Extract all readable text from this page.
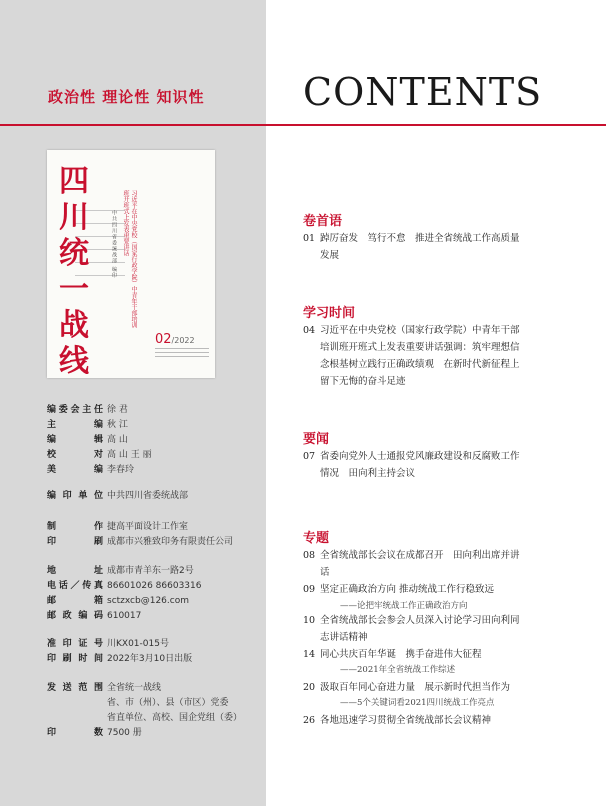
政治性 理论性 知识性
四川统一战线
中共四川省委统战部 编印	习近平在中央党校（国家行政学院）中青年干部培训班开班式上发表重要讲话
02/2022
编委会主任 徐 君
主编 秋 江
编辑 高 山
校对 高 山 王 丽
美编 李春玲
编印单位 中共四川省委统战部
制作 捷高平面设计工作室
印刷 成都市兴雅致印务有限责任公司
地址 成都市青羊东一路2号
电话／传真 86601026 86603316
邮箱 sctzxcb@126.com
邮政编码 610017
准印证号 川KX01-015号
印刷时间 2022年3月10日出版
发送范围 全省统一战线
省、市（州）、县（市区）党委
省直单位、高校、国企党组（委）
印数 7500 册
CONTENTS
卷首语
学习时间
要闻
专题
01 踔厉奋发　笃行不怠　推进全省统战工作高质量发展
04 习近平在中央党校（国家行政学院）中青年干部培训班开班式上发表重要讲话强调：筑牢理想信念根基树立践行正确政绩观　在新时代新征程上留下无悔的奋斗足迹
07 省委向党外人士通报党风廉政建设和反腐败工作情况　田向利主持会议
08 全省统战部长会议在成都召开　田向利出席并讲话
09 坚定正确政治方向 推动统战工作行稳致远
10 全省统战部长会参会人员深入讨论学习田向利同志讲话精神
14 同心共庆百年华诞　携手奋进伟大征程
20 汲取百年同心奋进力量　展示新时代担当作为
26 各地迅速学习贯彻全省统战部长会议精神
——论把牢统战工作正确政治方向
——2021年全省统战工作综述
——5个关键词看2021四川统战工作亮点
